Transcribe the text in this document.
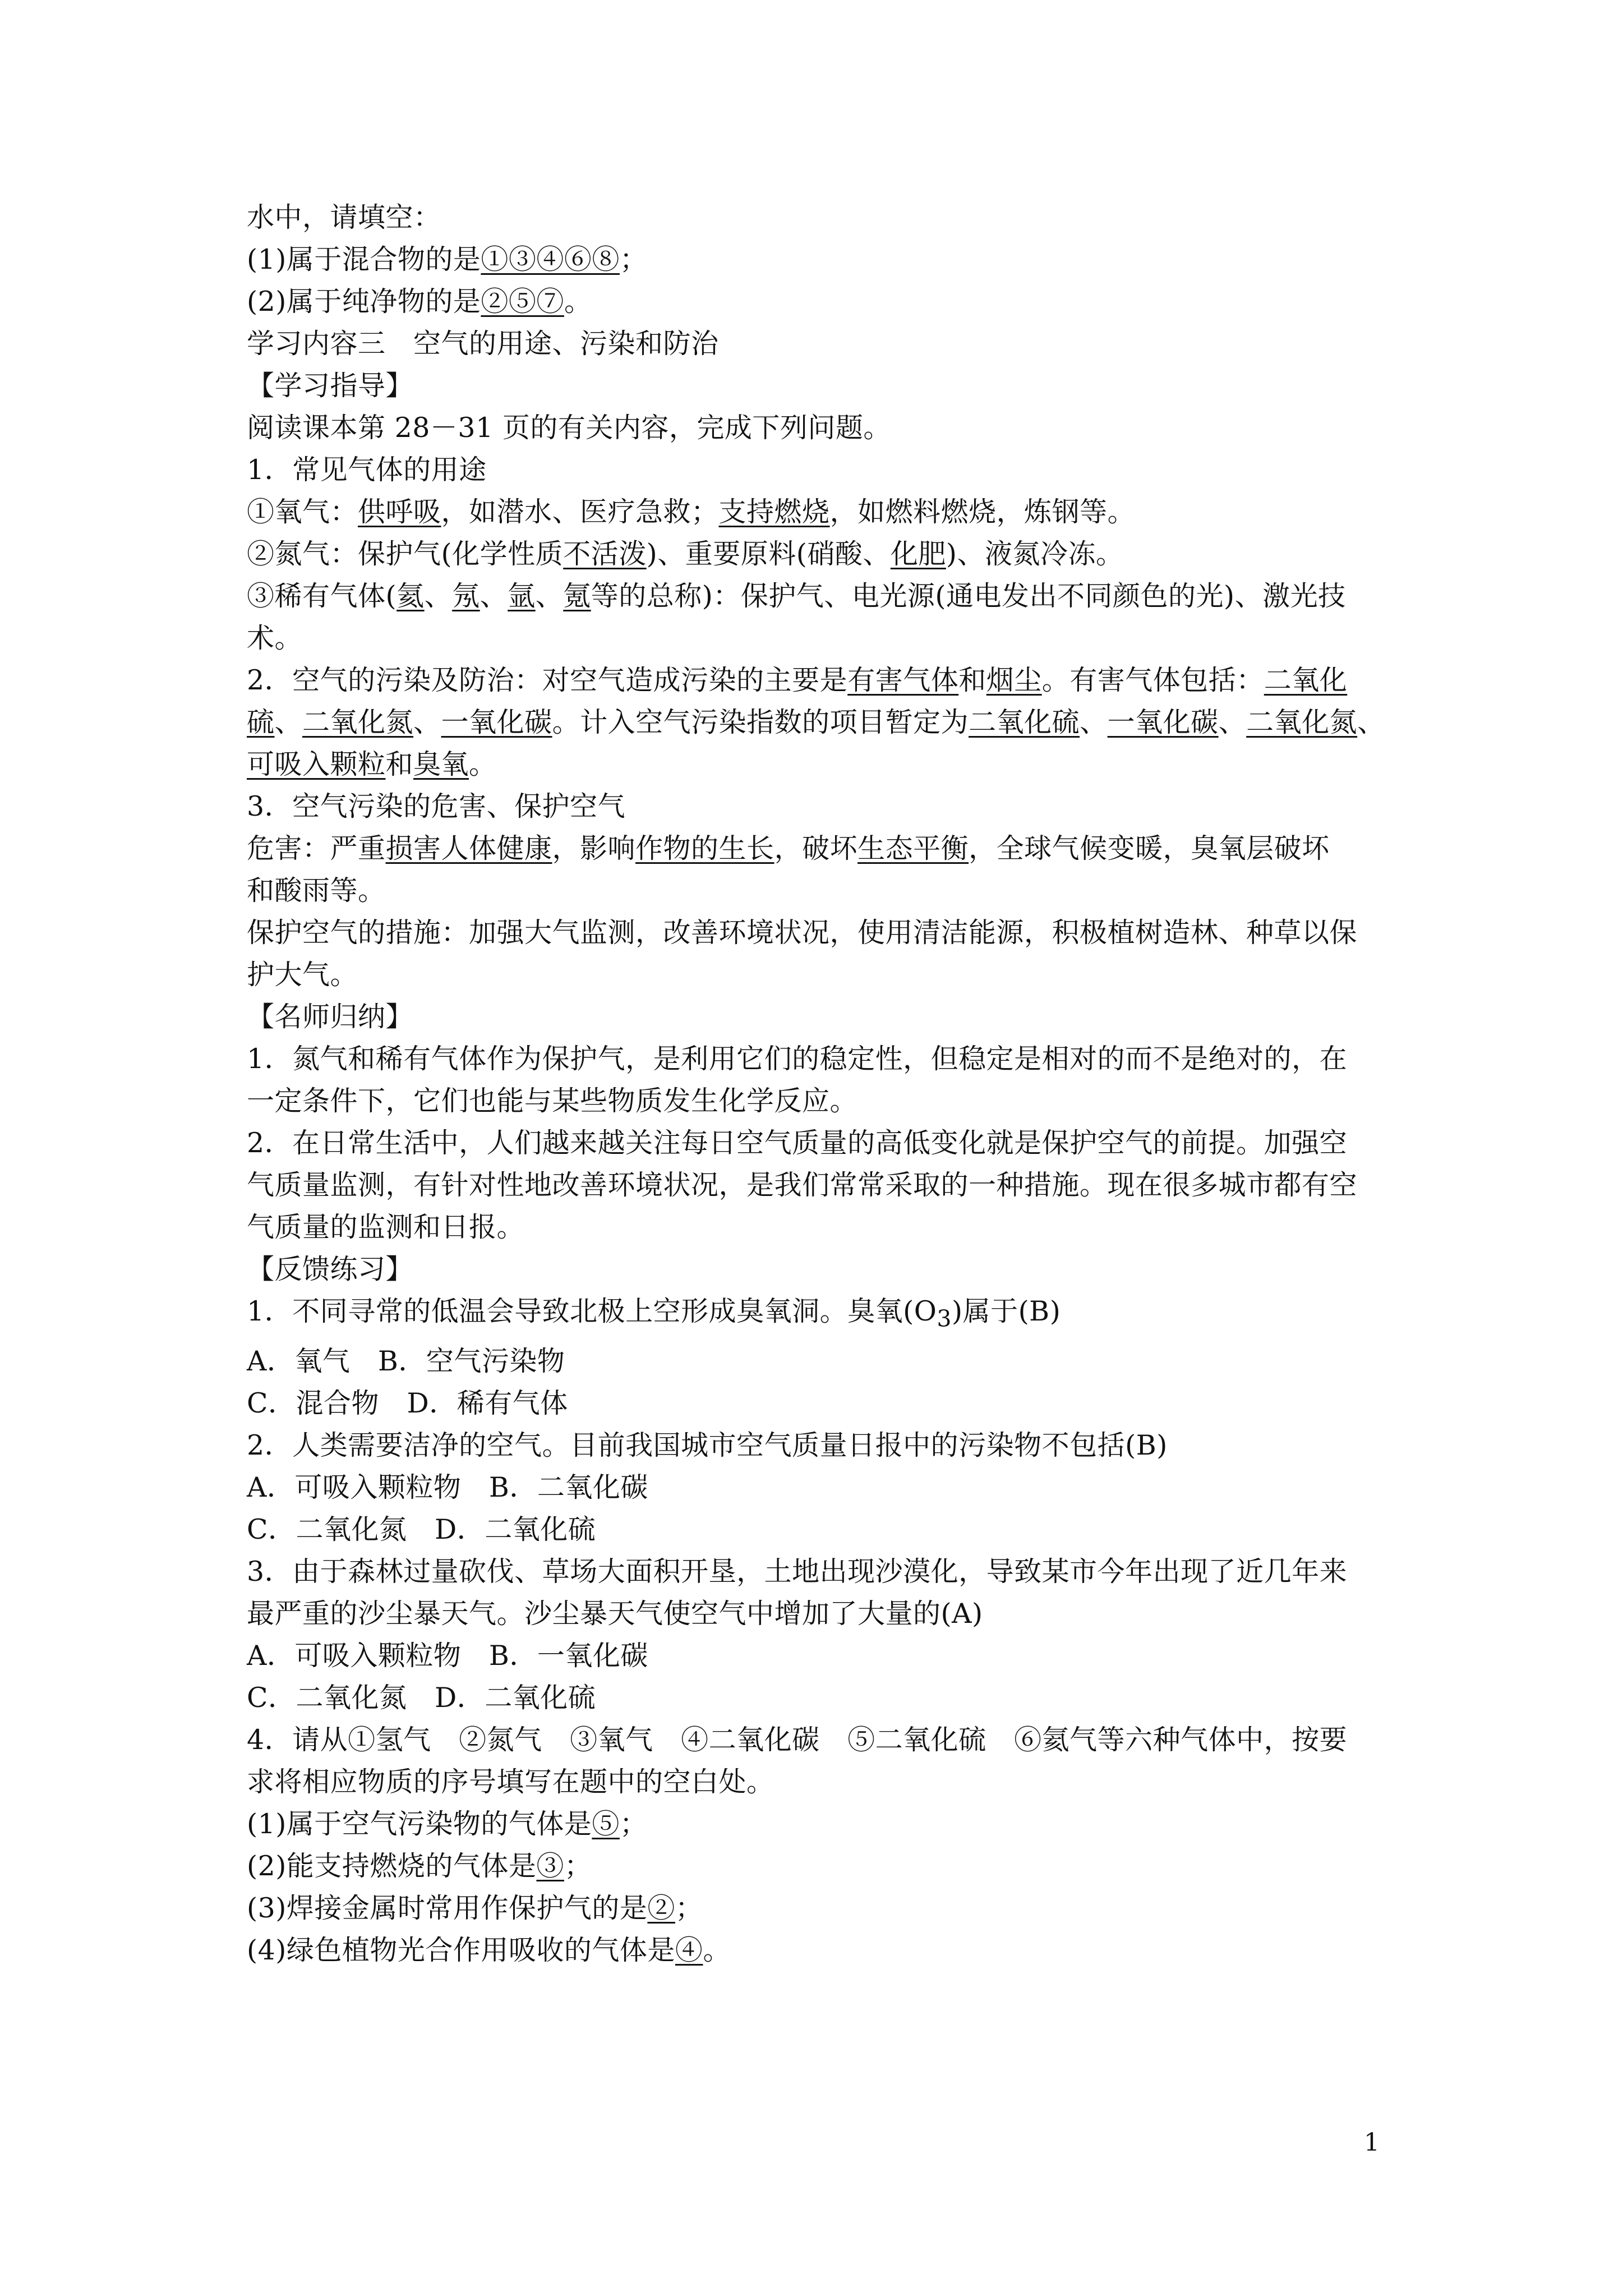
水中，请填空：
(1)属于混合物的是①③④⑥⑧；
(2)属于纯净物的是②⑤⑦。
学习内容三　空气的用途、污染和防治
【学习指导】
阅读课本第 28－31 页的有关内容，完成下列问题。
1．常见气体的用途
①氧气：供呼吸，如潜水、医疗急救；支持燃烧，如燃料燃烧，炼钢等。
②氮气：保护气(化学性质不活泼)、重要原料(硝酸、化肥)、液氮冷冻。
③稀有气体(氦、氖、氩、氪等的总称)：保护气、电光源(通电发出不同颜色的光)、激光技
术。
2．空气的污染及防治：对空气造成污染的主要是有害气体和烟尘。有害气体包括：二氧化
硫、二氧化氮、一氧化碳。计入空气污染指数的项目暂定为二氧化硫、一氧化碳、二氧化氮、
可吸入颗粒和臭氧。
3．空气污染的危害、保护空气
危害：严重损害人体健康，影响作物的生长，破坏生态平衡，全球气候变暖，臭氧层破坏
和酸雨等。
保护空气的措施：加强大气监测，改善环境状况，使用清洁能源，积极植树造林、种草以保
护大气。
【名师归纳】
1．氮气和稀有气体作为保护气，是利用它们的稳定性，但稳定是相对的而不是绝对的，在
一定条件下，它们也能与某些物质发生化学反应。
2．在日常生活中，人们越来越关注每日空气质量的高低变化就是保护空气的前提。加强空
气质量监测，有针对性地改善环境状况，是我们常常采取的一种措施。现在很多城市都有空
气质量的监测和日报。
【反馈练习】
1．不同寻常的低温会导致北极上空形成臭氧洞。臭氧$(O_3)$属于(B)
A．氧气　B．空气污染物
C．混合物　D．稀有气体
2．人类需要洁净的空气。目前我国城市空气质量日报中的污染物不包括(B)
A．可吸入颗粒物　B．二氧化碳
C．二氧化氮　D．二氧化硫
3．由于森林过量砍伐、草场大面积开垦，土地出现沙漠化，导致某市今年出现了近几年来
最严重的沙尘暴天气。沙尘暴天气使空气中增加了大量的(A)
A．可吸入颗粒物　B．一氧化碳
C．二氧化氮　D．二氧化硫
4．请从①氢气　②氮气　③氧气　④二氧化碳　⑤二氧化硫　⑥氦气等六种气体中，按要
求将相应物质的序号填写在题中的空白处。
(1)属于空气污染物的气体是⑤；
(2)能支持燃烧的气体是③；
(3)焊接金属时常用作保护气的是②；
(4)绿色植物光合作用吸收的气体是④。
1
